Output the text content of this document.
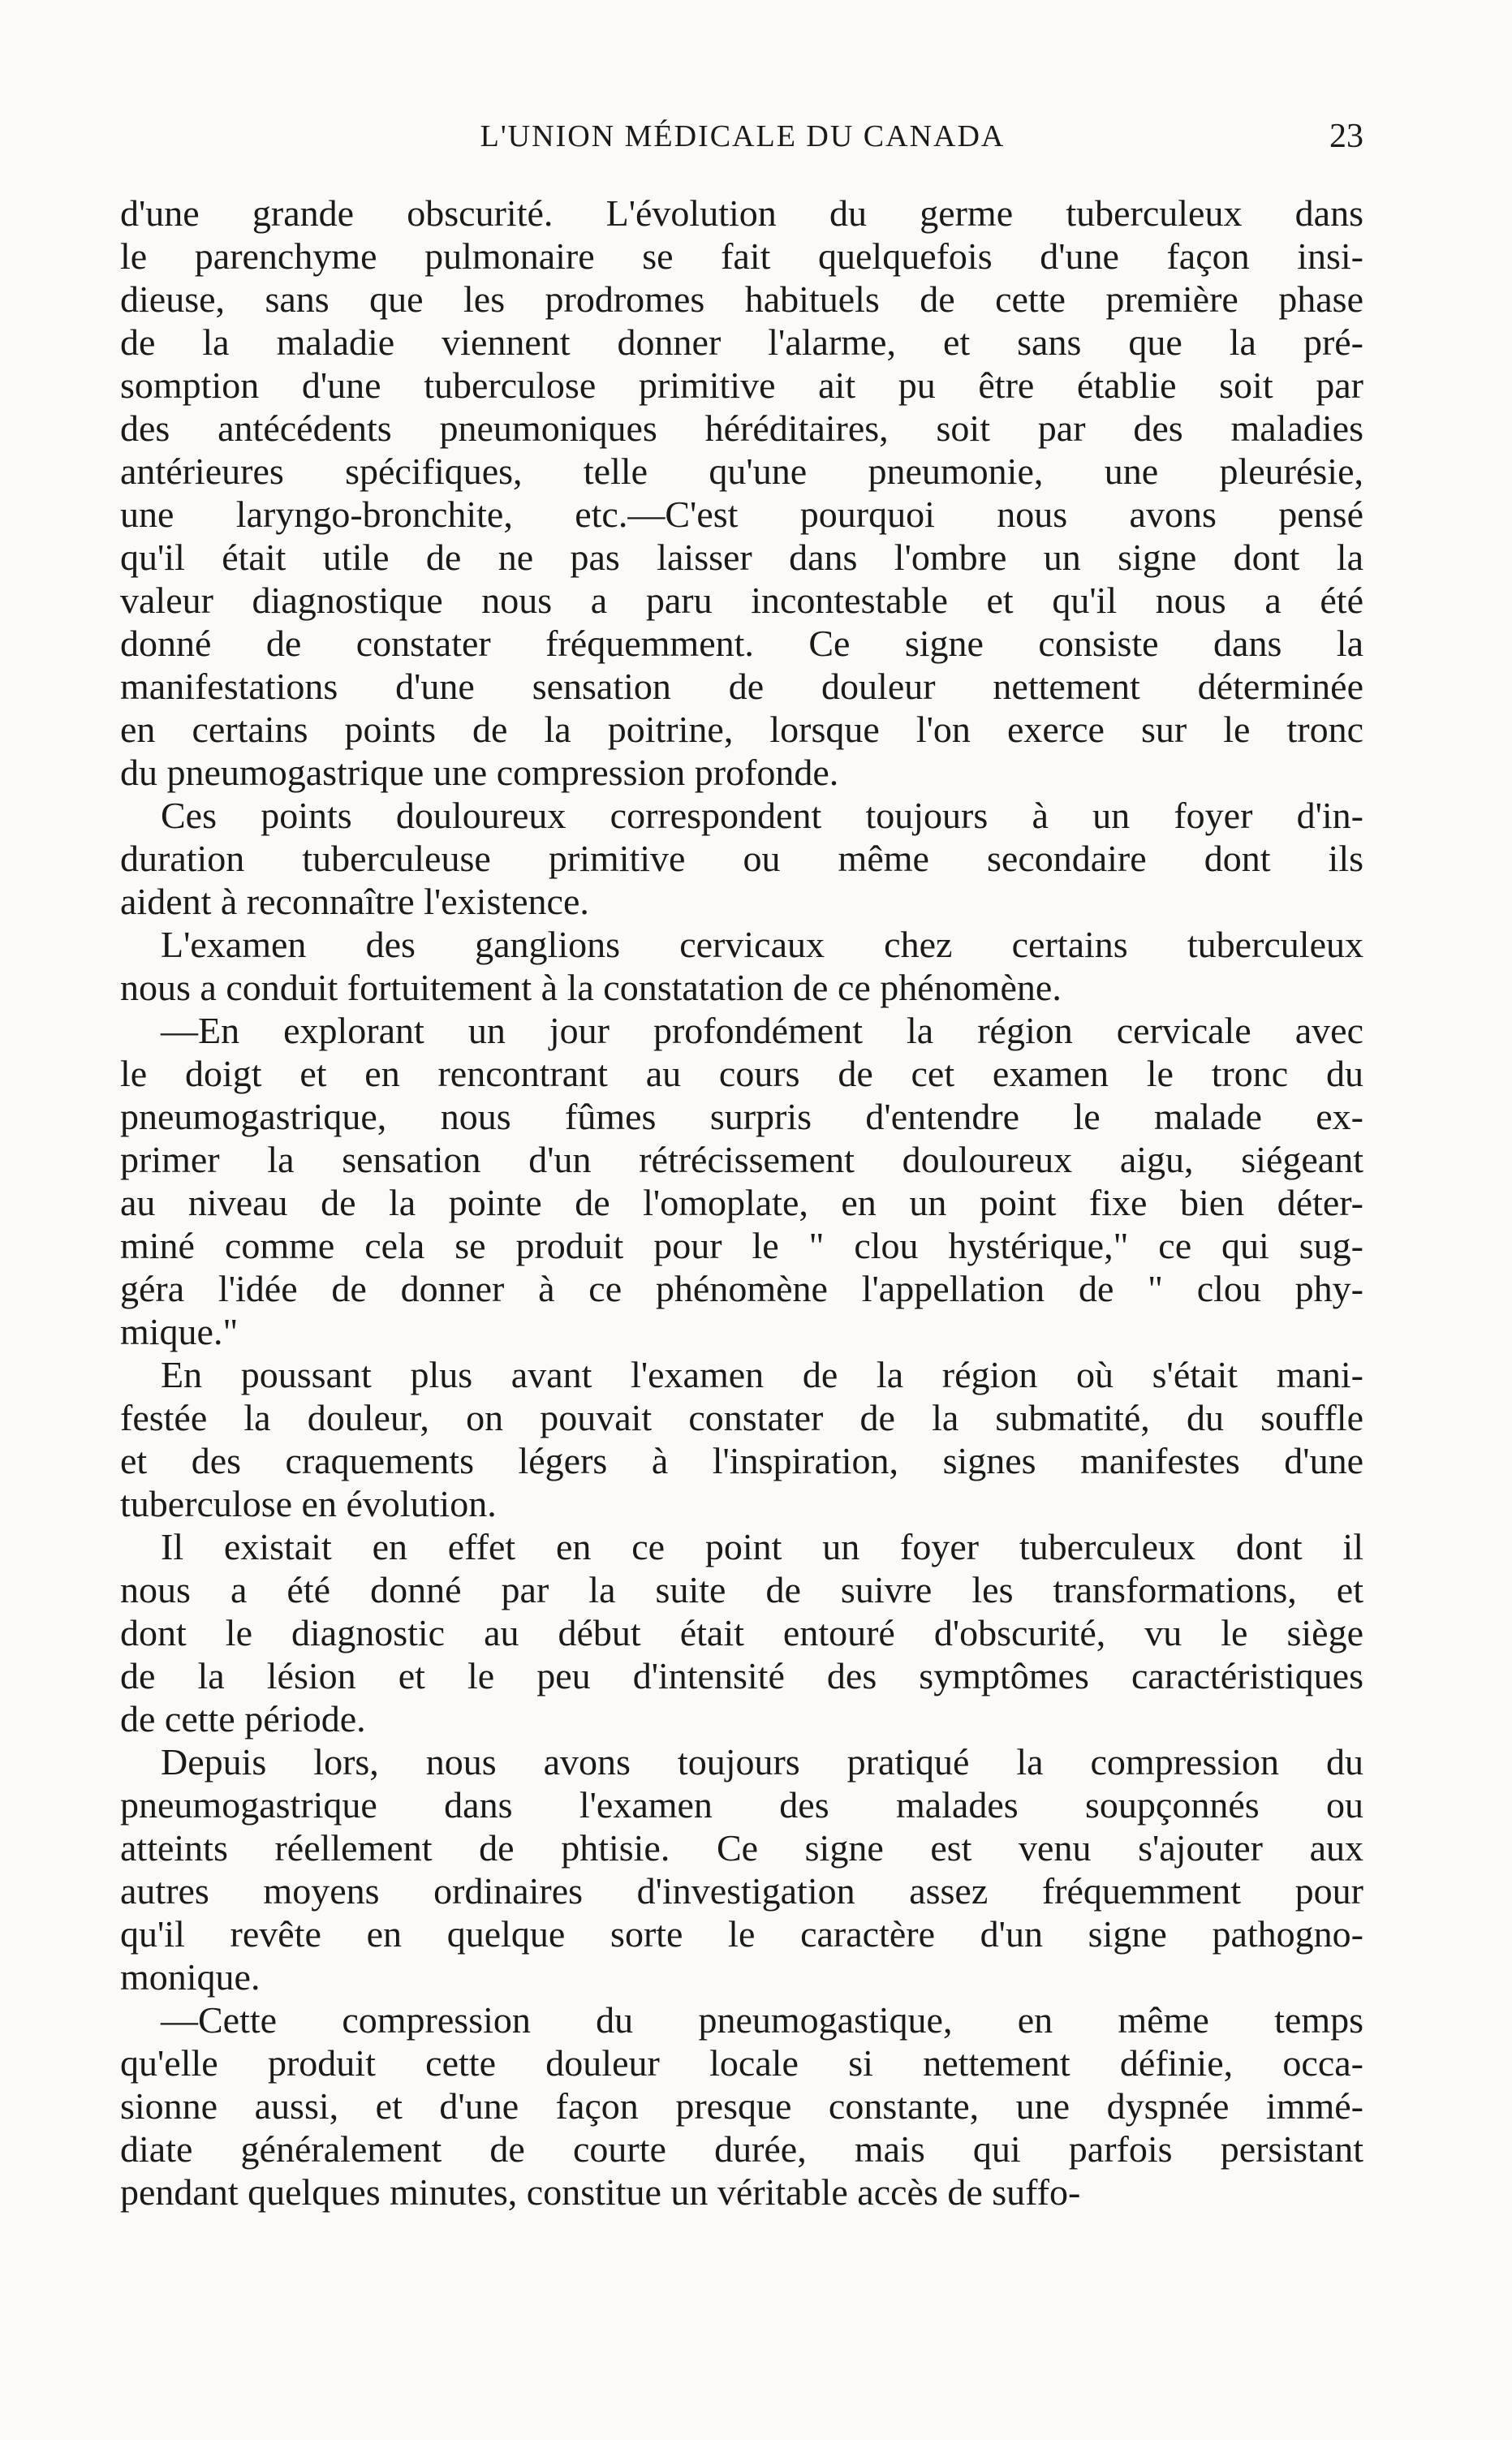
L'UNION MÉDICALE DU CANADA	23
d'une grande obscurité. L'évolution du germe tuberculeux dans
le parenchyme pulmonaire se fait quelquefois d'une façon insi-
dieuse, sans que les prodromes habituels de cette première phase
de la maladie viennent donner l'alarme, et sans que la pré-
somption d'une tuberculose primitive ait pu être établie soit par
des antécédents pneumoniques héréditaires, soit par des maladies
antérieures spécifiques, telle qu'une pneumonie, une pleurésie,
une laryngo-bronchite, etc.—C'est pourquoi nous avons pensé
qu'il était utile de ne pas laisser dans l'ombre un signe dont la
valeur diagnostique nous a paru incontestable et qu'il nous a été
donné de constater fréquemment. Ce signe consiste dans la
manifestations d'une sensation de douleur nettement déterminée
en certains points de la poitrine, lorsque l'on exerce sur le tronc
du pneumogastrique une compression profonde.
Ces points douloureux correspondent toujours à un foyer d'in-
duration tuberculeuse primitive ou même secondaire dont ils
aident à reconnaître l'existence.
L'examen des ganglions cervicaux chez certains tuberculeux
nous a conduit fortuitement à la constatation de ce phénomène.
—En explorant un jour profondément la région cervicale avec
le doigt et en rencontrant au cours de cet examen le tronc du
pneumogastrique, nous fûmes surpris d'entendre le malade ex-
primer la sensation d'un rétrécissement douloureux aigu, siégeant
au niveau de la pointe de l'omoplate, en un point fixe bien déter-
miné comme cela se produit pour le " clou hystérique," ce qui sug-
géra l'idée de donner à ce phénomène l'appellation de " clou phy-
mique."
En poussant plus avant l'examen de la région où s'était mani-
festée la douleur, on pouvait constater de la submatité, du souffle
et des craquements légers à l'inspiration, signes manifestes d'une
tuberculose en évolution.
Il existait en effet en ce point un foyer tuberculeux dont il
nous a été donné par la suite de suivre les transformations, et
dont le diagnostic au début était entouré d'obscurité, vu le siège
de la lésion et le peu d'intensité des symptômes caractéristiques
de cette période.
Depuis lors, nous avons toujours pratiqué la compression du
pneumogastrique dans l'examen des malades soupçonnés ou
atteints réellement de phtisie. Ce signe est venu s'ajouter aux
autres moyens ordinaires d'investigation assez fréquemment pour
qu'il revête en quelque sorte le caractère d'un signe pathogno-
monique.
—Cette compression du pneumogastique, en même temps
qu'elle produit cette douleur locale si nettement définie, occa-
sionne aussi, et d'une façon presque constante, une dyspnée immé-
diate généralement de courte durée, mais qui parfois persistant
pendant quelques minutes, constitue un véritable accès de suffo-
